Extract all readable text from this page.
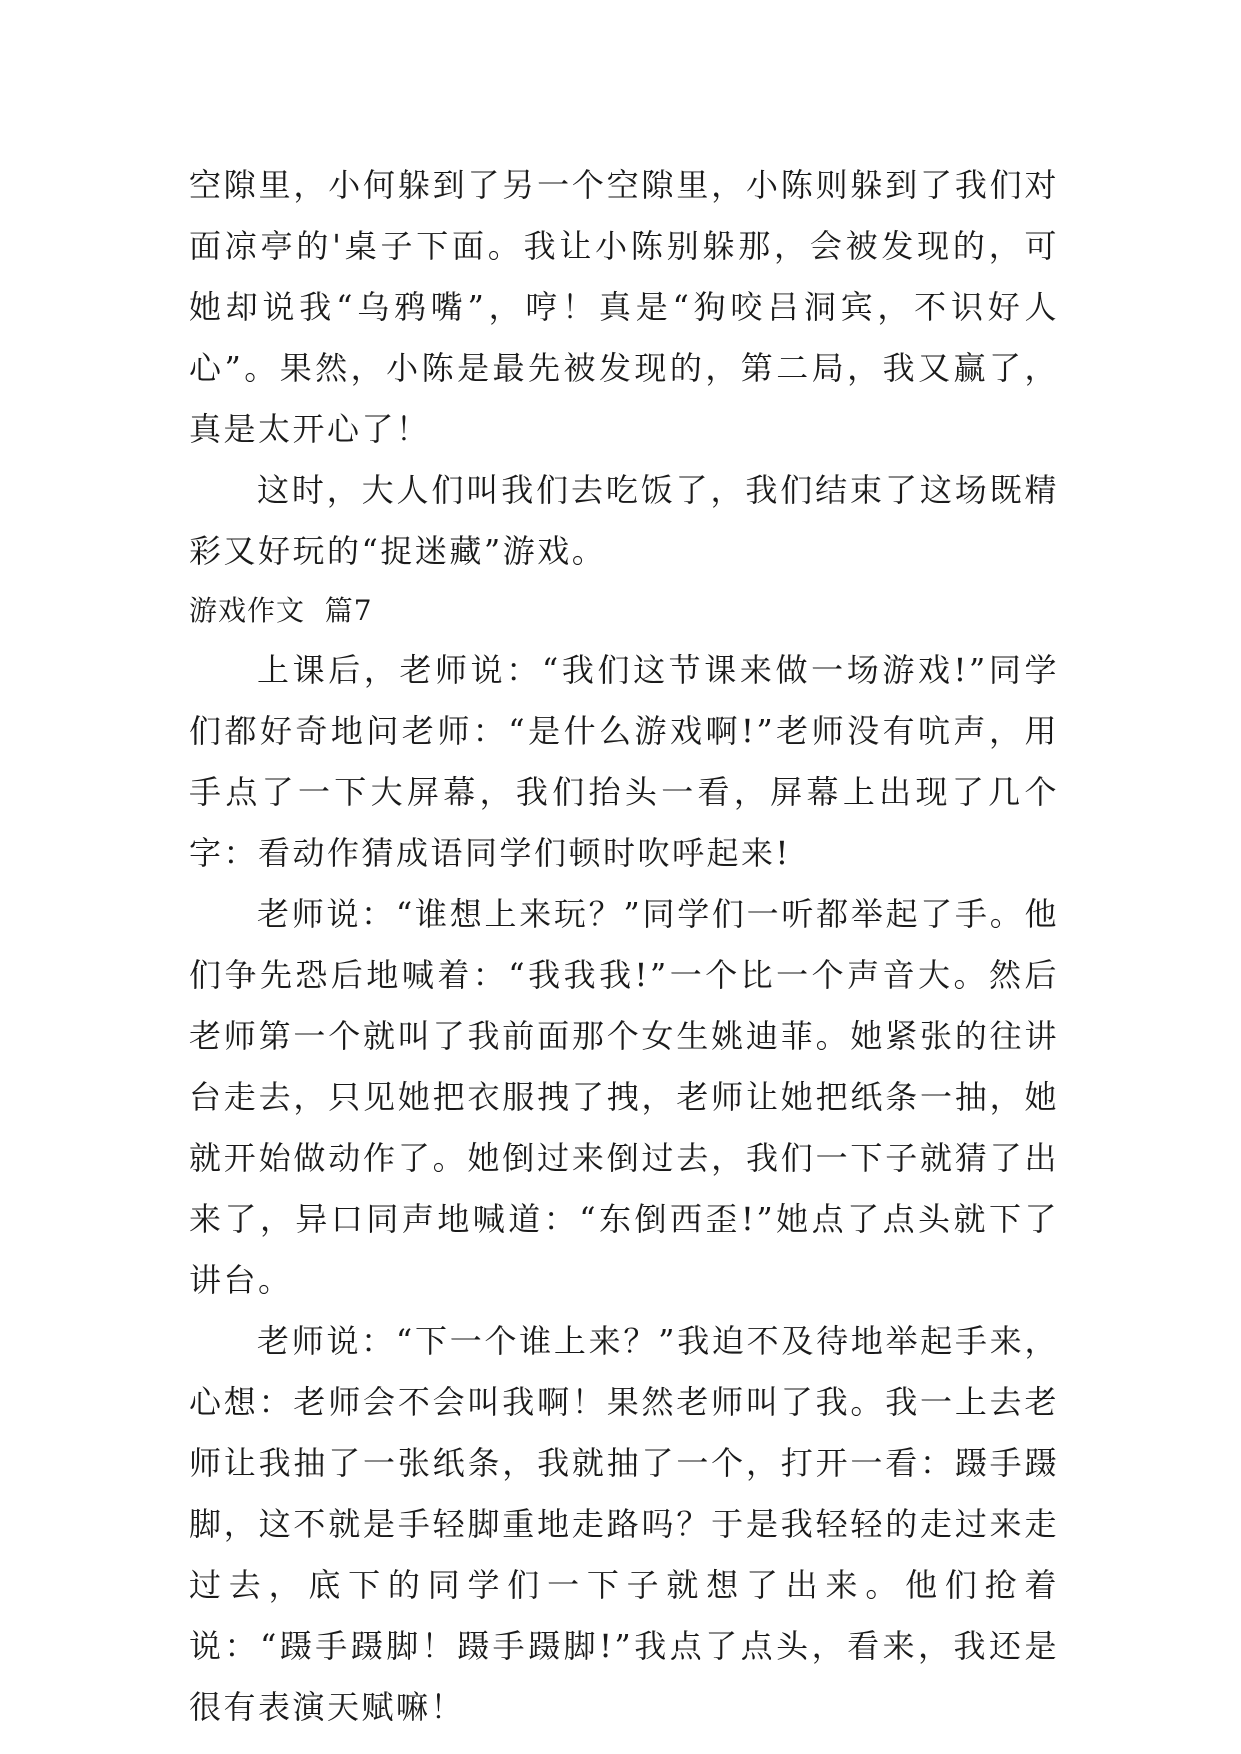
空隙里，小何躲到了另一个空隙里，小陈则躲到了我们对面凉亭的'桌子下面。我让小陈别躲那，会被发现的，可她却说我“乌鸦嘴”，哼！真是“狗咬吕洞宾，不识好人心”。果然，小陈是最先被发现的，第二局，我又赢了，真是太开心了！

这时，大人们叫我们去吃饭了，我们结束了这场既精彩又好玩的“捉迷藏”游戏。

游戏作文  篇7

上课后，老师说：“我们这节课来做一场游戏!”同学们都好奇地问老师：“是什么游戏啊!”老师没有吭声，用手点了一下大屏幕，我们抬头一看，屏幕上出现了几个字：看动作猜成语同学们顿时吹呼起来!

老师说：“谁想上来玩？”同学们一听都举起了手。他们争先恐后地喊着：“我我我!”一个比一个声音大。然后老师第一个就叫了我前面那个女生姚迪菲。她紧张的往讲台走去，只见她把衣服拽了拽，老师让她把纸条一抽，她就开始做动作了。她倒过来倒过去，我们一下子就猜了出来了，异口同声地喊道：“东倒西歪!”她点了点头就下了讲台。

老师说：“下一个谁上来？”我迫不及待地举起手来，心想：老师会不会叫我啊！果然老师叫了我。我一上去老师让我抽了一张纸条，我就抽了一个，打开一看：蹑手蹑脚，这不就是手轻脚重地走路吗？于是我轻轻的走过来走过去，底下的同学们一下子就想了出来。他们抢着说：“蹑手蹑脚！蹑手蹑脚!”我点了点头，看来，我还是很有表演天赋嘛！
